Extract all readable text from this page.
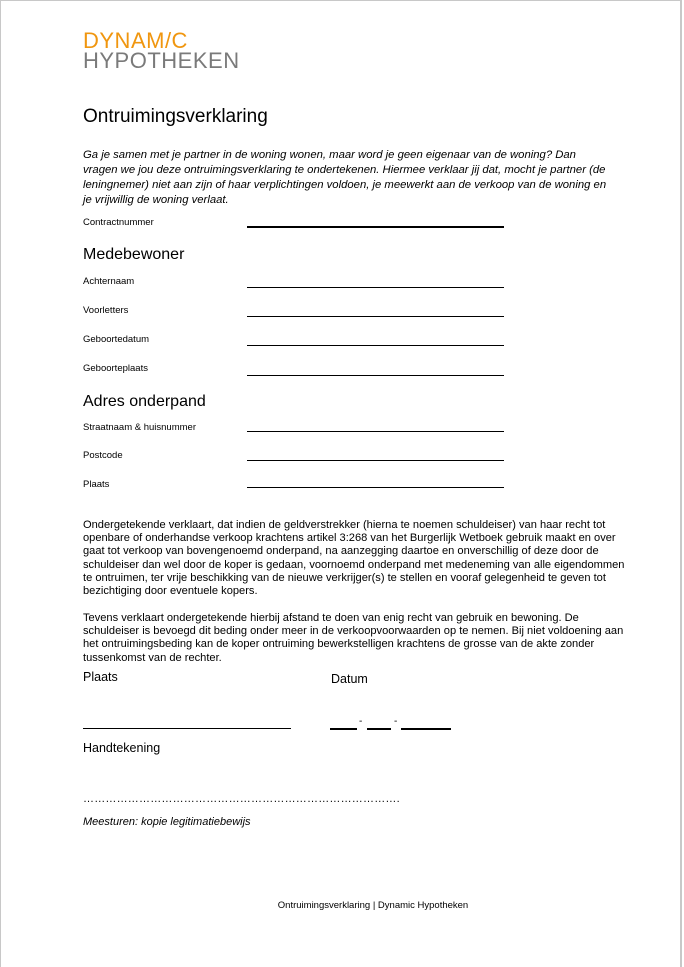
DYNAM/C
HYPOTHEKEN
Ontruimingsverklaring
Ga je samen met je partner in de woning wonen, maar word je geen eigenaar van de woning? Dan vragen we jou deze ontruimingsverklaring te ondertekenen. Hiermee verklaar jij dat, mocht je partner (de leningnemer) niet aan zijn of haar verplichtingen voldoen, je meewerkt aan de verkoop van de woning en je vrijwillig de woning verlaat.
Contractnummer
Medebewoner
Achternaam
Voorletters
Geboortedatum
Geboorteplaats
Adres onderpand
Straatnaam & huisnummer
Postcode
Plaats
Ondergetekende verklaart, dat indien de geldverstrekker (hierna te noemen schuldeiser) van haar recht tot openbare of onderhandse verkoop krachtens artikel 3:268 van het Burgerlijk Wetboek gebruik maakt en over gaat tot verkoop van bovengenoemd onderpand, na aanzegging daartoe en onverschillig of deze door de schuldeiser dan wel door de koper is gedaan, voornoemd onderpand met medeneming van alle eigendommen te ontruimen, ter vrije beschikking van de nieuwe verkrijger(s) te stellen en vooraf gelegenheid te geven tot bezichtiging door eventuele kopers.
Tevens verklaart ondergetekende hierbij afstand te doen van enig recht van gebruik en bewoning. De schuldeiser is bevoegd dit beding onder meer in de verkoopvoorwaarden op te nemen. Bij niet voldoening aan het ontruimingsbeding kan de koper ontruiming bewerkstelligen krachtens de grosse van de akte zonder tussenkomst van de rechter.
Plaats	Datum
-	-
Handtekening
………………………………………………………………………….
Meesturen: kopie legitimatiebewijs
Ontruimingsverklaring | Dynamic Hypotheken
